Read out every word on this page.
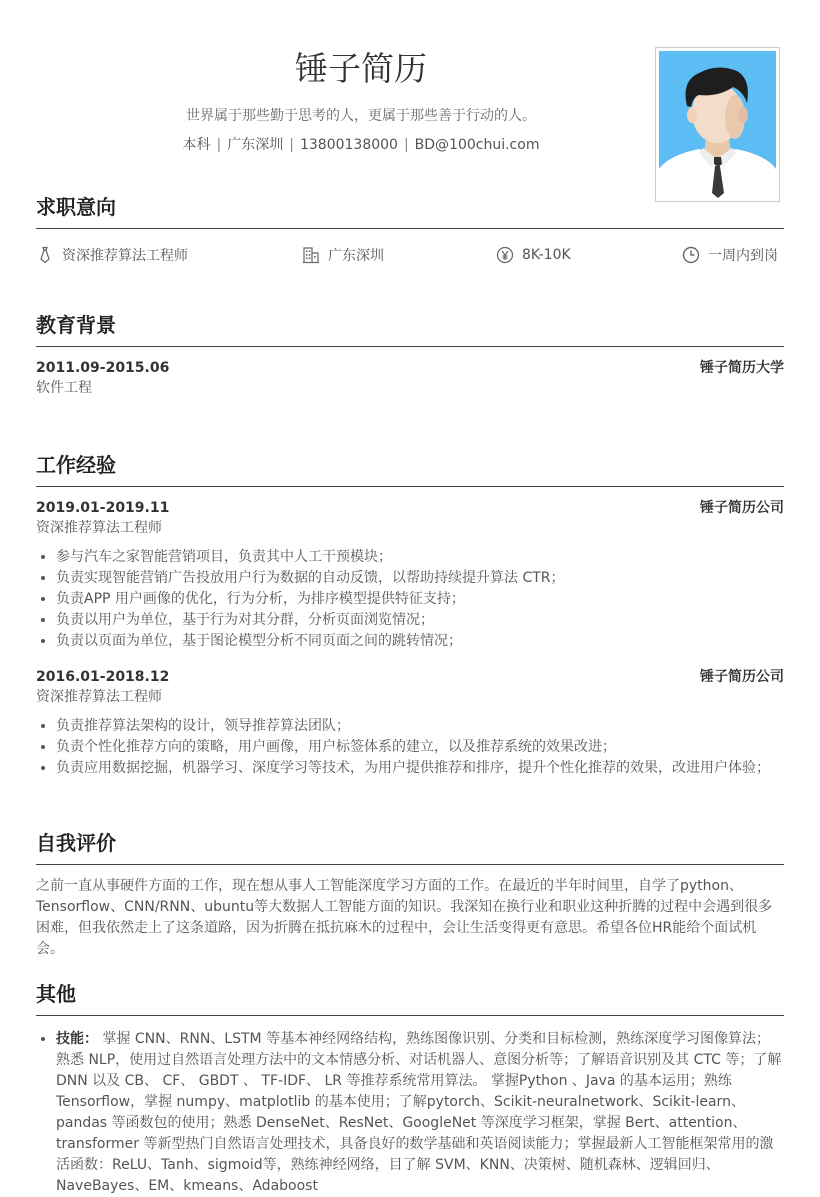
锤子简历
世界属于那些勤于思考的人，更属于那些善于行动的人。
本科 | 广东深圳 | 13800138000 | BD@100chui.com
求职意向
资深推荐算法工程师	广东深圳	8K-10K	一周内到岗
教育背景
2011.09-2015.06	锤子简历大学
软件工程
工作经验
2019.01-2019.11	锤子简历公司
资深推荐算法工程师
• 参与汽车之家智能营销项目，负责其中人工干预模块；
• 负责实现智能营销广告投放用户行为数据的自动反馈，以帮助持续提升算法 CTR；
• 负责APP 用户画像的优化，行为分析，为排序模型提供特征支持；
• 负责以用户为单位，基于行为对其分群，分析页面浏览情况；
• 负责以页面为单位，基于图论模型分析不同页面之间的跳转情况；
2016.01-2018.12	锤子简历公司
资深推荐算法工程师
• 负责推荐算法架构的设计，领导推荐算法团队；
• 负责个性化推荐方向的策略，用户画像，用户标签体系的建立，以及推荐系统的效果改进；
• 负责应用数据挖掘，机器学习、深度学习等技术，为用户提供推荐和排序，提升个性化推荐的效果，改进用户体验；
自我评价
之前一直从事硬件方面的工作，现在想从事人工智能深度学习方面的工作。在最近的半年时间里，自学了python、Tensorflow、CNN/RNN、ubuntu等大数据人工智能方面的知识。我深知在换行业和职业这种折腾的过程中会遇到很多困难，但我依然走上了这条道路，因为折腾在抵抗麻木的过程中，会让生活变得更有意思。希望各位HR能给个面试机会。
其他
• 技能： 掌握 CNN、RNN、LSTM 等基本神经网络结构，熟练图像识别、分类和目标检测，熟练深度学习图像算法；熟悉 NLP，使用过自然语言处理方法中的文本情感分析、对话机器人、意图分析等；了解语音识别及其 CTC 等；了解DNN 以及 CB、 CF、 GBDT 、 TF-IDF、 LR 等推荐系统常用算法。 掌握Python 、Java 的基本运用；熟练 Tensorflow，掌握 numpy、matplotlib 的基本使用；了解pytorch、Scikit-neuralnetwork、Scikit-learn、pandas 等函数包的使用；熟悉 DenseNet、ResNet、GoogleNet 等深度学习框架，掌握 Bert、attention、transformer 等新型热门自然语言处理技术，具备良好的数学基础和英语阅读能力；掌握最新人工智能框架常用的激活函数：ReLU、Tanh、sigmoid等，熟练神经网络，目了解 SVM、KNN、决策树、随机森林、逻辑回归、NaveBayes、EM、kmeans、Adaboost
